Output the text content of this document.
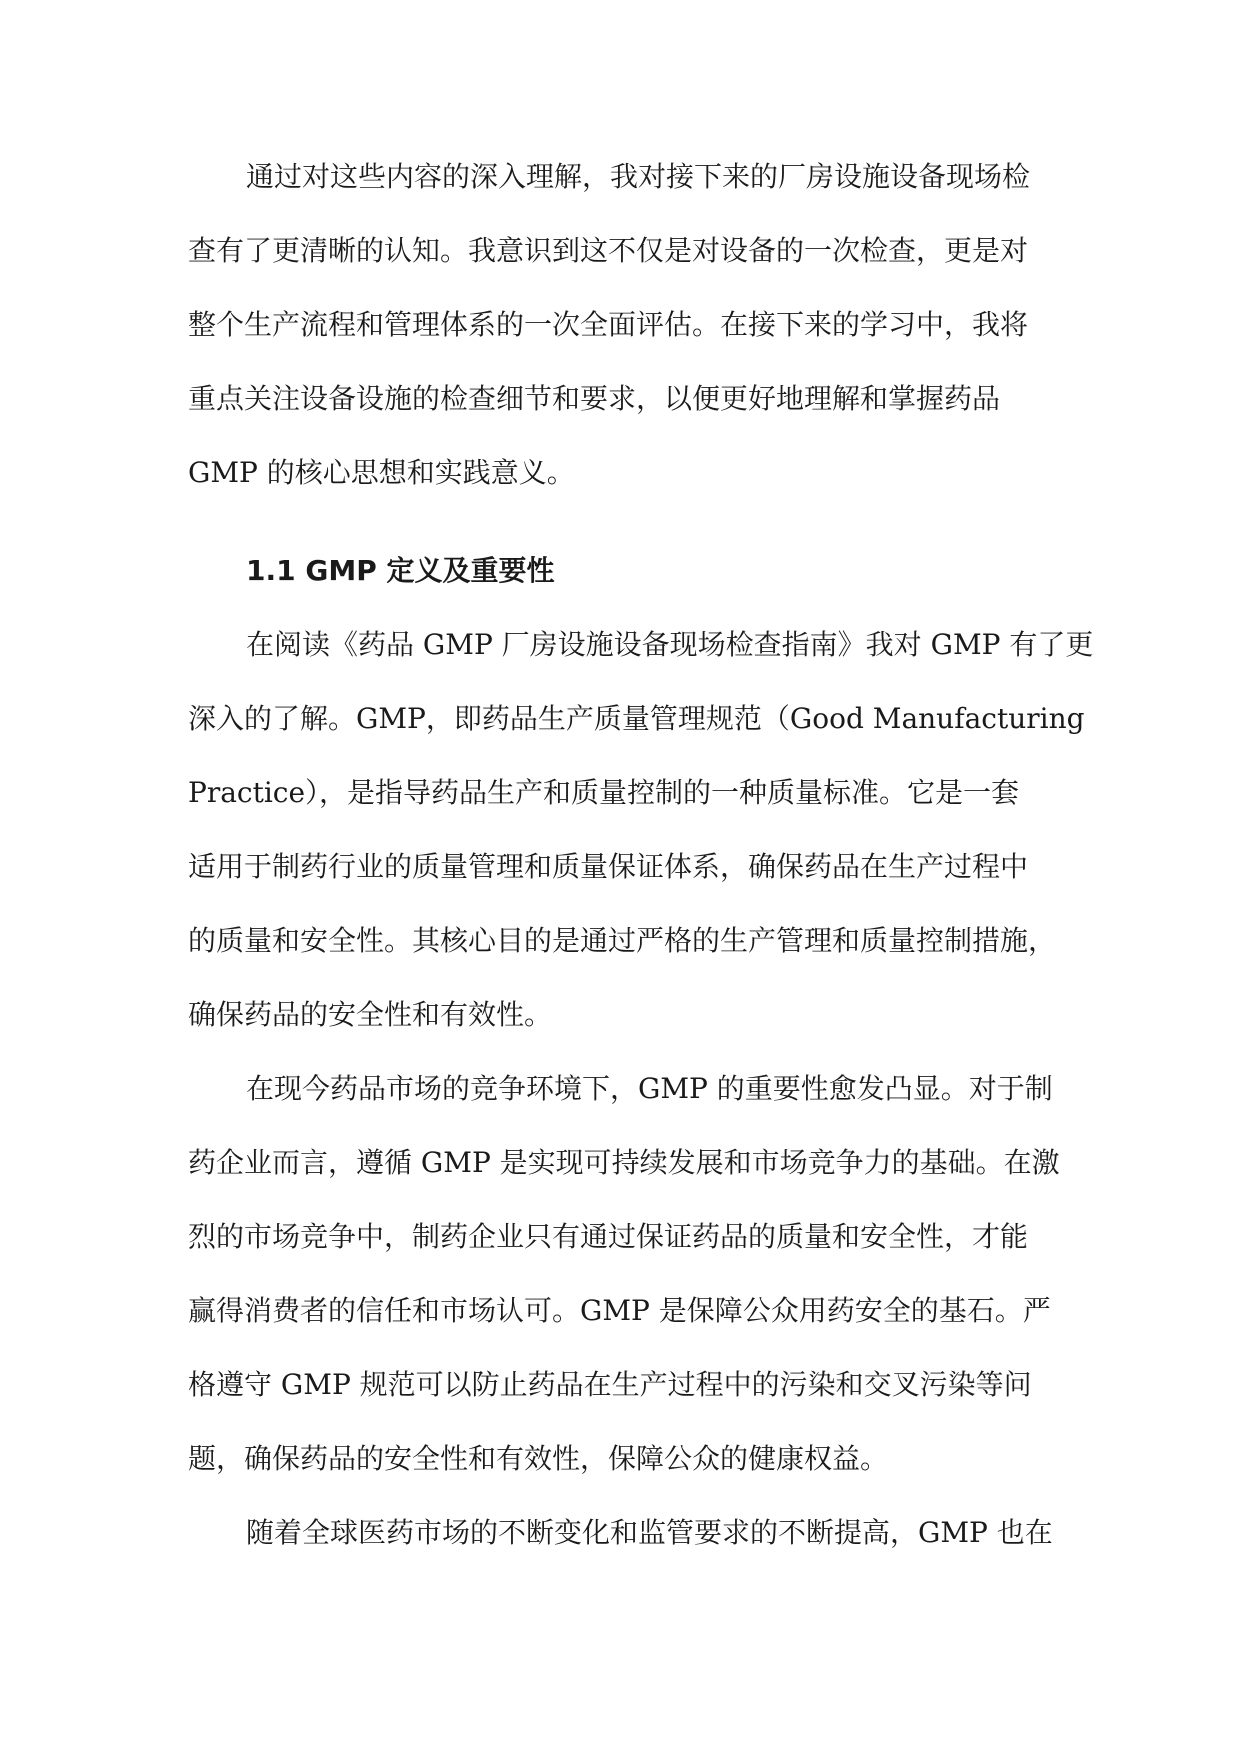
通过对这些内容的深入理解，我对接下来的厂房设施设备现场检
查有了更清晰的认知。我意识到这不仅是对设备的一次检查，更是对
整个生产流程和管理体系的一次全面评估。在接下来的学习中，我将
重点关注设备设施的检查细节和要求，以便更好地理解和掌握药品
GMP 的核心思想和实践意义。
1.1 GMP 定义及重要性
在阅读《药品 GMP 厂房设施设备现场检查指南》我对 GMP 有了更
深入的了解。GMP，即药品生产质量管理规范（Good Manufacturing
Practice），是指导药品生产和质量控制的一种质量标准。它是一套
适用于制药行业的质量管理和质量保证体系，确保药品在生产过程中
的质量和安全性。其核心目的是通过严格的生产管理和质量控制措施，
确保药品的安全性和有效性。
在现今药品市场的竞争环境下，GMP 的重要性愈发凸显。对于制
药企业而言，遵循 GMP 是实现可持续发展和市场竞争力的基础。在激
烈的市场竞争中，制药企业只有通过保证药品的质量和安全性，才能
赢得消费者的信任和市场认可。GMP 是保障公众用药安全的基石。严
格遵守 GMP 规范可以防止药品在生产过程中的污染和交叉污染等问
题，确保药品的安全性和有效性，保障公众的健康权益。
随着全球医药市场的不断变化和监管要求的不断提高，GMP 也在
